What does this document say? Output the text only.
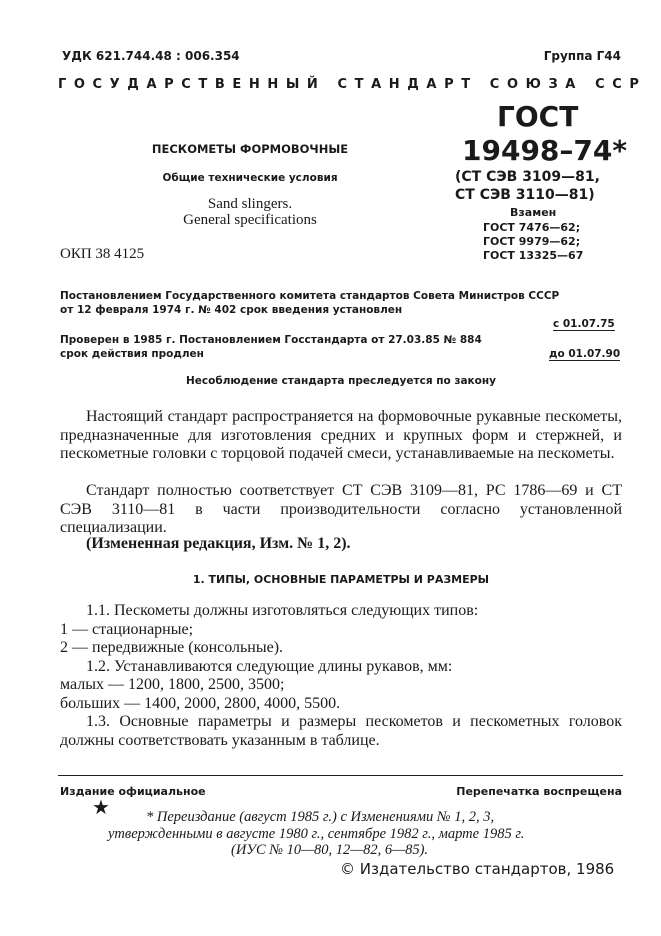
УДК 621.744.48 : 006.354	Группа Г44
ГОСУДАРСТВЕННЫЙ СТАНДАРТ СОЮЗА ССР
ГОСТ
19498–74*
ПЕСКОМЕТЫ ФОРМОВОЧНЫЕ
Общие технические условия
Sand slingers.
General specifications
(СТ СЭВ 3109—81,
СТ СЭВ 3110—81)
Взамен
ГОСТ 7476—62;
ГОСТ 9979—62;
ГОСТ 13325—67
ОКП 38 4125
Постановлением Государственного комитета стандартов Совета Министров СССР
от 12 февраля 1974 г. № 402 срок введения установлен
с 01.07.75
Проверен в 1985 г. Постановлением Госстандарта от 27.03.85 № 884
срок действия продлен	до 01.07.90
Несоблюдение стандарта преследуется по закону
Настоящий стандарт распространяется на формовочные рукавные пескометы, предназначенные для изготовления средних и крупных форм и стержней, и пескометные головки с торцовой подачей смеси, устанавливаемые на пескометы.
Стандарт полностью соответствует СТ СЭВ 3109—81, РС 1786—69 и СТ СЭВ 3110—81 в части производительности согласно установленной специализации.
(Измененная редакция, Изм. № 1, 2).
1. ТИПЫ, ОСНОВНЫЕ ПАРАМЕТРЫ И РАЗМЕРЫ
1.1. Пескометы должны изготовляться следующих типов:
1 — стационарные;
2 — передвижные (консольные).
1.2. Устанавливаются следующие длины рукавов, мм:
малых — 1200, 1800, 2500, 3500;
больших — 1400, 2000, 2800, 4000, 5500.
1.3. Основные параметры и размеры пескометов и пескометных головок должны соответствовать указанным в таблице.
Издание официальное	Перепечатка воспрещена
★ * Переиздание (август 1985 г.) с Изменениями № 1, 2, 3,
утвержденными в августе 1980 г., сентябре 1982 г., марте 1985 г.
(ИУС № 10—80, 12—82, 6—85).
© Издательство стандартов, 1986
